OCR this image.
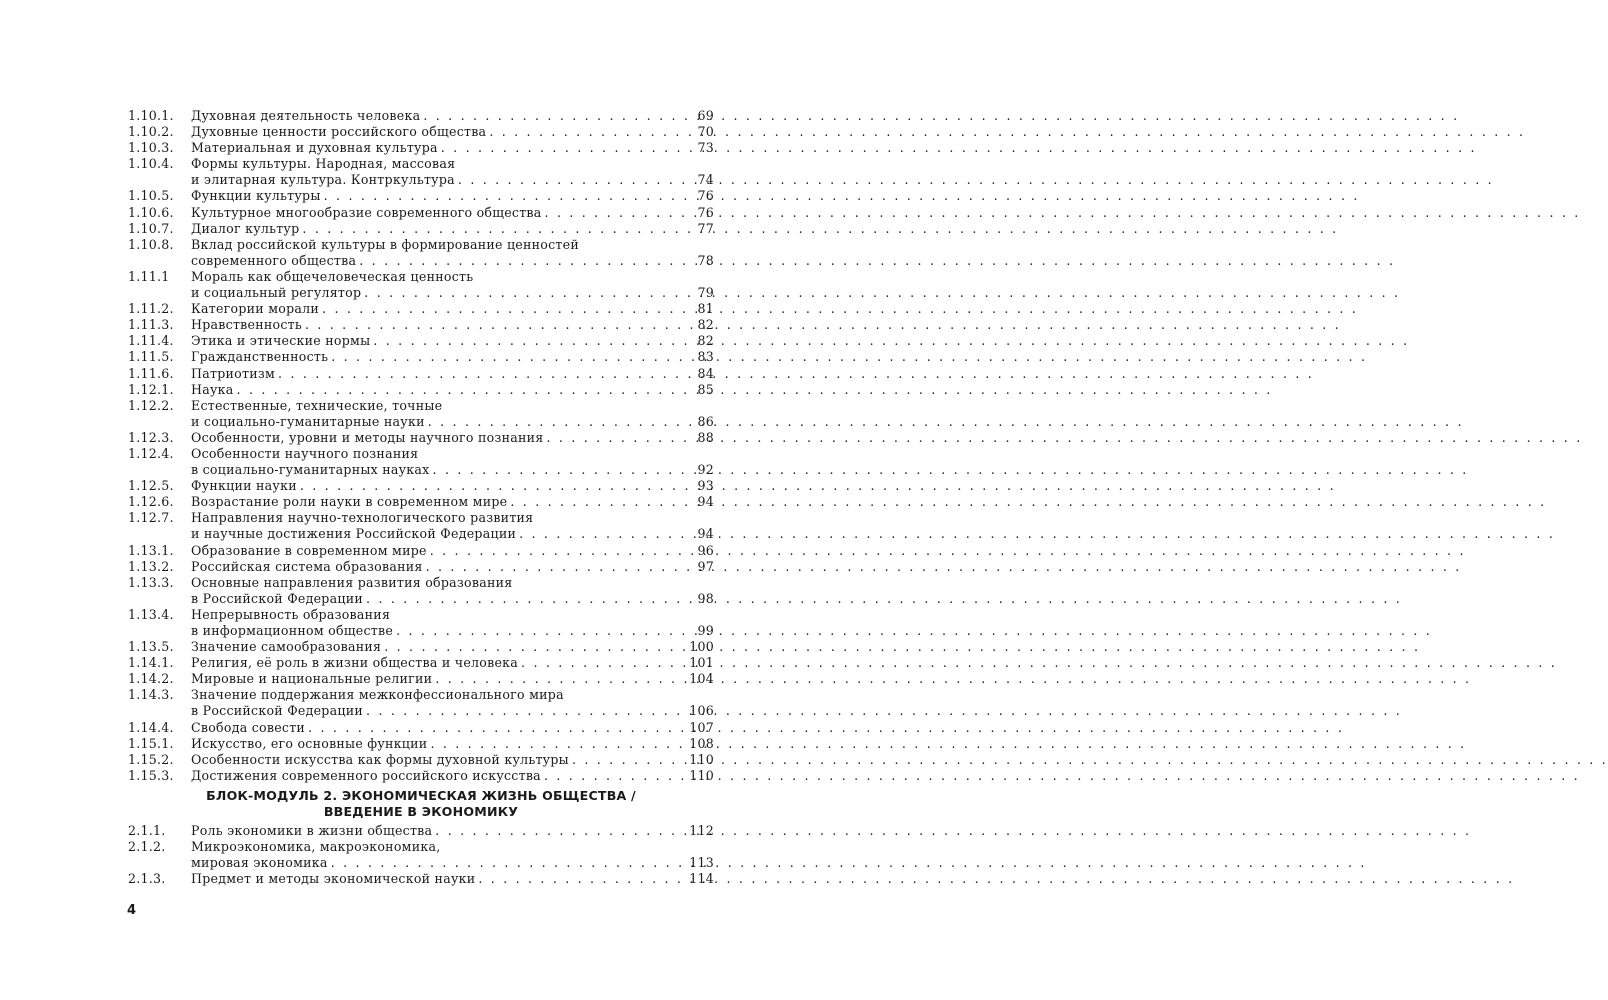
1.10.1.	Духовная деятельность человека . . .	69
1.10.2.	Духовные ценности российского общества . . .	70
1.10.3.	Материальная и духовная культура . . .	73
1.10.4.	Формы культуры. Народная, массовая
и элитарная культура. Контркультура . . .	74
1.10.5.	Функции культуры . . .	76
1.10.6.	Культурное многообразие современного общества . . .	76
1.10.7.	Диалог культур . . .	77
1.10.8.	Вклад российской культуры в формирование ценностей
современного общества . . .	78
1.11.1	Мораль как общечеловеческая ценность
и социальный регулятор . . .	79
1.11.2.	Категории морали . . .	81
1.11.3.	Нравственность . . .	82
1.11.4.	Этика и этические нормы . . .	82
1.11.5.	Гражданственность . . .	83
1.11.6.	Патриотизм . . .	84
1.12.1.	Наука . . .	85
1.12.2.	Естественные, технические, точные
и социально-гуманитарные науки . . .	86
1.12.3.	Особенности, уровни и методы научного познания . . .	88
1.12.4.	Особенности научного познания
в социально-гуманитарных науках . . .	92
1.12.5.	Функции науки . . .	93
1.12.6.	Возрастание роли науки в современном мире . . .	94
1.12.7.	Направления научно-технологического развития
и научные достижения Российской Федерации . . .	94
1.13.1.	Образование в современном мире . . .	96
1.13.2.	Российская система образования . . .	97
1.13.3.	Основные направления развития образования
в Российской Федерации . . .	98
1.13.4.	Непрерывность образования
в информационном обществе . . .	99
1.13.5.	Значение самообразования . . .	100
1.14.1.	Религия, её роль в жизни общества и человека . . .	101
1.14.2.	Мировые и национальные религии . . .	104
1.14.3.	Значение поддержания межконфессионального мира
в Российской Федерации . . .	106
1.14.4.	Свобода совести . . .	107
1.15.1.	Искусство, его основные функции . . .	108
1.15.2.	Особенности искусства как формы духовной культуры . . .	110
1.15.3.	Достижения современного российского искусства . . .	110
БЛОК-МОДУЛЬ 2. ЭКОНОМИЧЕСКАЯ ЖИЗНЬ ОБЩЕСТВА /
ВВЕДЕНИЕ В ЭКОНОМИКУ
2.1.1.	Роль экономики в жизни общества . . .	112
2.1.2.	Микроэкономика, макроэкономика,
мировая экономика . . .	113
2.1.3.	Предмет и методы экономической науки . . .	114
4
